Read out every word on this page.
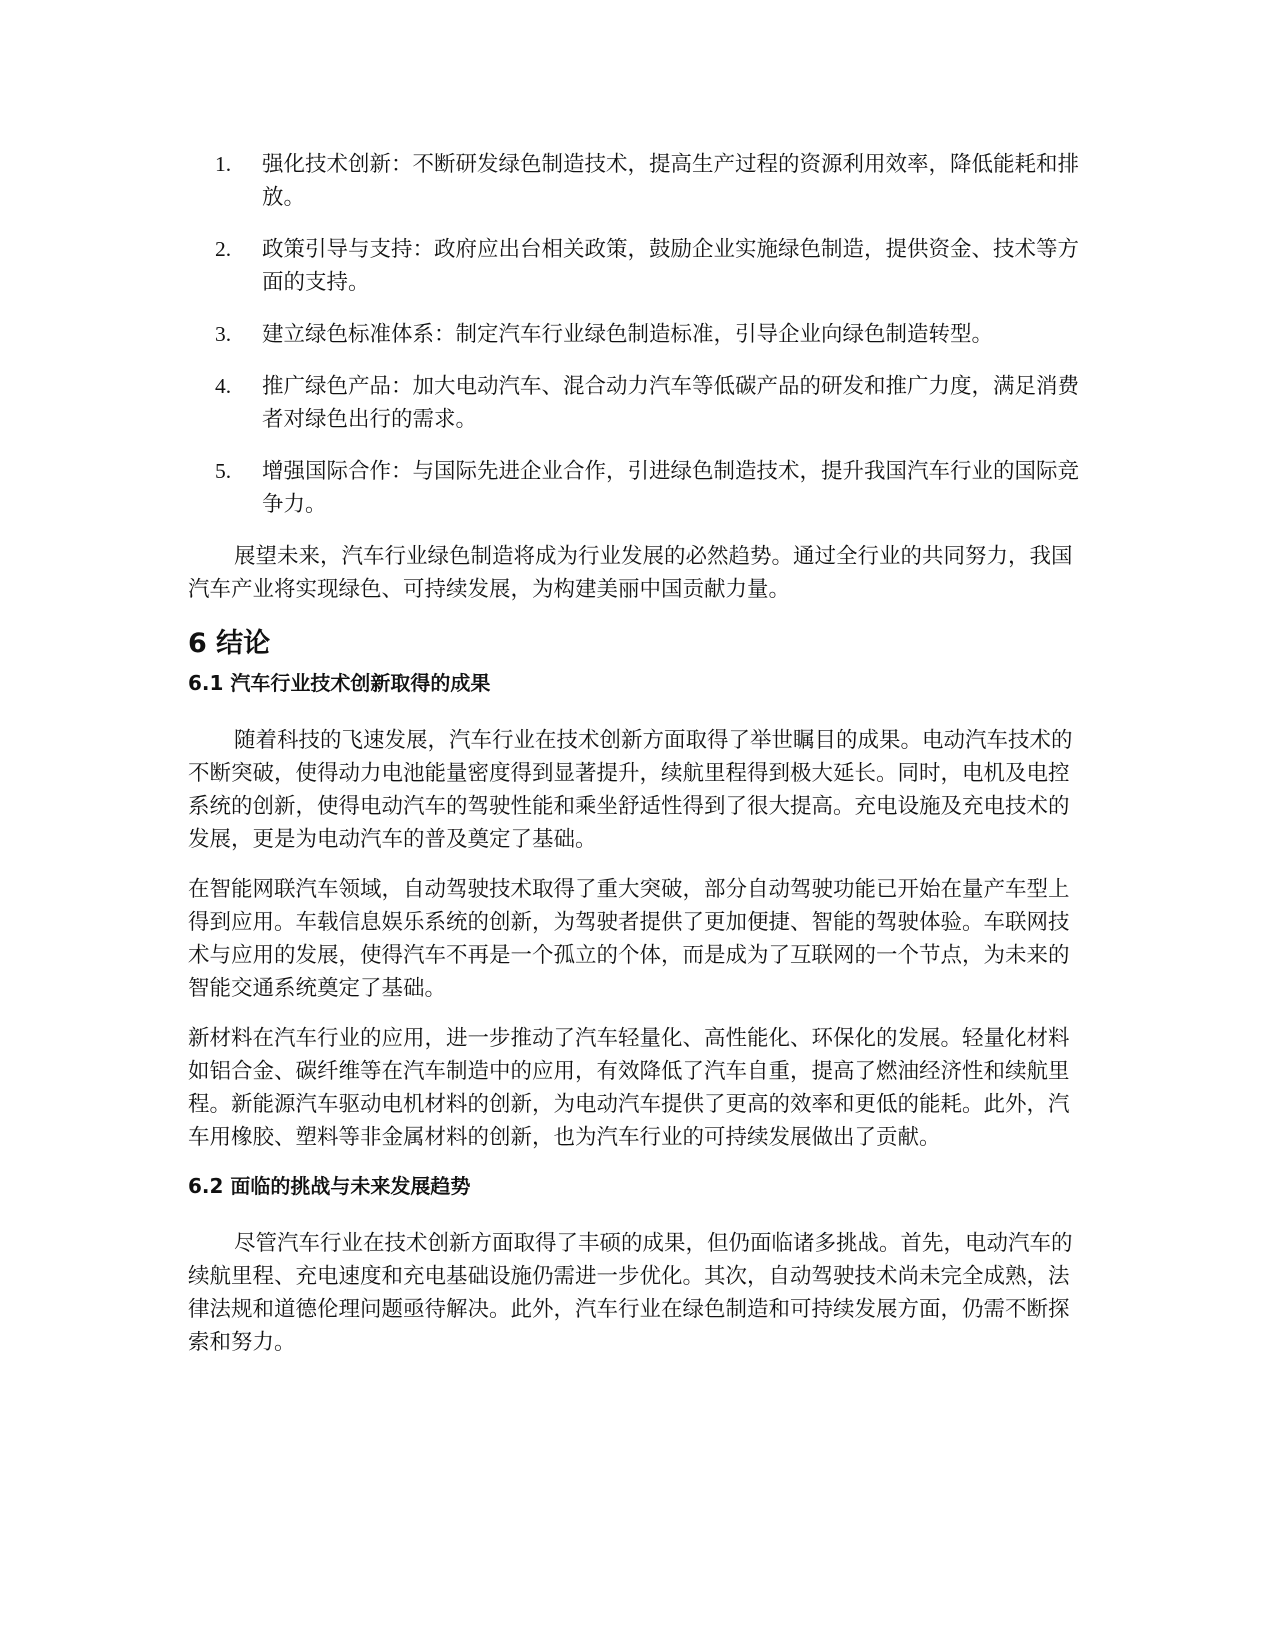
1. 强化技术创新：不断研发绿色制造技术，提高生产过程的资源利用效率，降低能耗和排放。
2. 政策引导与支持：政府应出台相关政策，鼓励企业实施绿色制造，提供资金、技术等方面的支持。
3. 建立绿色标准体系：制定汽车行业绿色制造标准，引导企业向绿色制造转型。
4. 推广绿色产品：加大电动汽车、混合动力汽车等低碳产品的研发和推广力度，满足消费者对绿色出行的需求。
5. 增强国际合作：与国际先进企业合作，引进绿色制造技术，提升我国汽车行业的国际竞争力。

展望未来，汽车行业绿色制造将成为行业发展的必然趋势。通过全行业的共同努力，我国汽车产业将实现绿色、可持续发展，为构建美丽中国贡献力量。

6 结论
6.1 汽车行业技术创新取得的成果

随着科技的飞速发展，汽车行业在技术创新方面取得了举世瞩目的成果。电动汽车技术的不断突破，使得动力电池能量密度得到显著提升，续航里程得到极大延长。同时，电机及电控系统的创新，使得电动汽车的驾驶性能和乘坐舒适性得到了很大提高。充电设施及充电技术的发展，更是为电动汽车的普及奠定了基础。

在智能网联汽车领域，自动驾驶技术取得了重大突破，部分自动驾驶功能已开始在量产车型上得到应用。车载信息娱乐系统的创新，为驾驶者提供了更加便捷、智能的驾驶体验。车联网技术与应用的发展，使得汽车不再是一个孤立的个体，而是成为了互联网的一个节点，为未来的智能交通系统奠定了基础。

新材料在汽车行业的应用，进一步推动了汽车轻量化、高性能化、环保化的发展。轻量化材料如铝合金、碳纤维等在汽车制造中的应用，有效降低了汽车自重，提高了燃油经济性和续航里程。新能源汽车驱动电机材料的创新，为电动汽车提供了更高的效率和更低的能耗。此外，汽车用橡胶、塑料等非金属材料的创新，也为汽车行业的可持续发展做出了贡献。

6.2 面临的挑战与未来发展趋势

尽管汽车行业在技术创新方面取得了丰硕的成果，但仍面临诸多挑战。首先，电动汽车的续航里程、充电速度和充电基础设施仍需进一步优化。其次，自动驾驶技术尚未完全成熟，法律法规和道德伦理问题亟待解决。此外，汽车行业在绿色制造和可持续发展方面，仍需不断探索和努力。
